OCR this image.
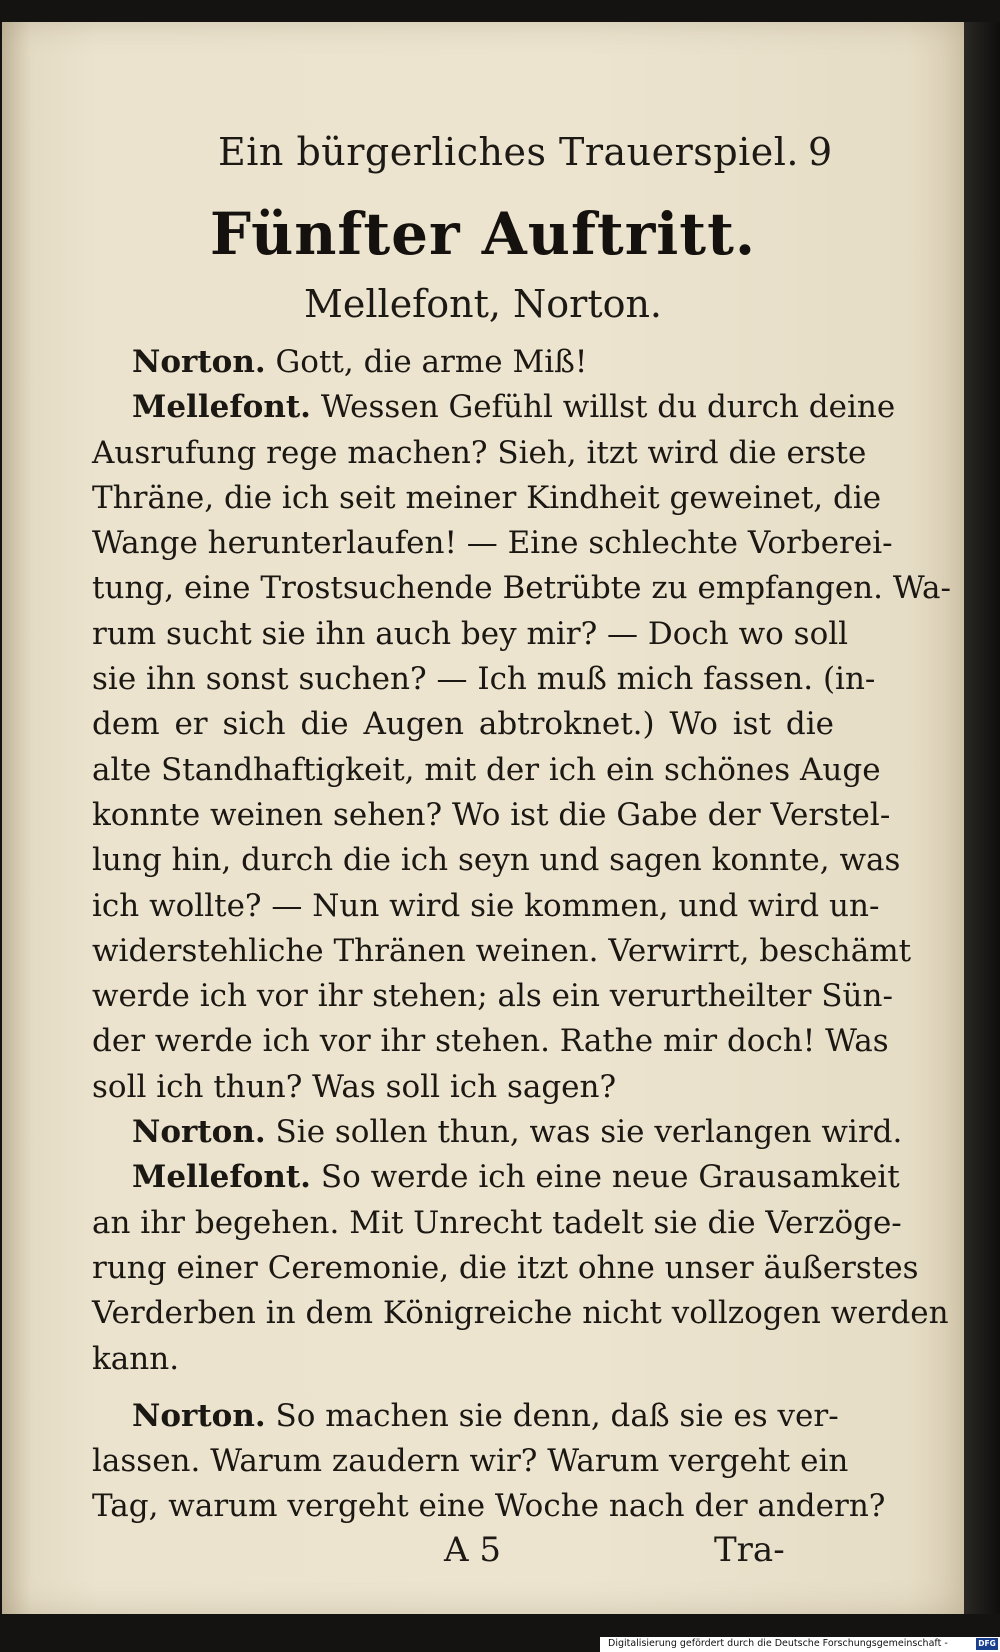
Ein bürgerliches Trauerspiel. 9
Fünfter Auftritt.
Mellefont, Norton.
Norton. Gott, die arme Miß!
Mellefont. Wessen Gefühl willst du durch deine
Ausrufung rege machen? Sieh, itzt wird die erste
Thräne, die ich seit meiner Kindheit geweinet, die
Wange herunterlaufen! — Eine schlechte Vorberei-
tung, eine Trostsuchende Betrübte zu empfangen. Wa-
rum sucht sie ihn auch bey mir? — Doch wo soll
sie ihn sonst suchen? — Ich muß mich fassen. (in-
dem er sich die Augen abtroknet.) Wo ist die
alte Standhaftigkeit, mit der ich ein schönes Auge
konnte weinen sehen? Wo ist die Gabe der Verstel-
lung hin, durch die ich seyn und sagen konnte, was
ich wollte? — Nun wird sie kommen, und wird un-
widerstehliche Thränen weinen. Verwirrt, beschämt
werde ich vor ihr stehen; als ein verurtheilter Sün-
der werde ich vor ihr stehen. Rathe mir doch! Was
soll ich thun? Was soll ich sagen?
Norton. Sie sollen thun, was sie verlangen wird.
Mellefont. So werde ich eine neue Grausamkeit
an ihr begehen. Mit Unrecht tadelt sie die Verzöge-
rung einer Ceremonie, die itzt ohne unser äußerstes
Verderben in dem Königreiche nicht vollzogen werden
kann.
Norton. So machen sie denn, daß sie es ver-
lassen. Warum zaudern wir? Warum vergeht ein
Tag, warum vergeht eine Woche nach der andern?
A 5	Tra-
Digitalisierung gefördert durch die Deutsche Forschungsgemeinschaft -	DFG
